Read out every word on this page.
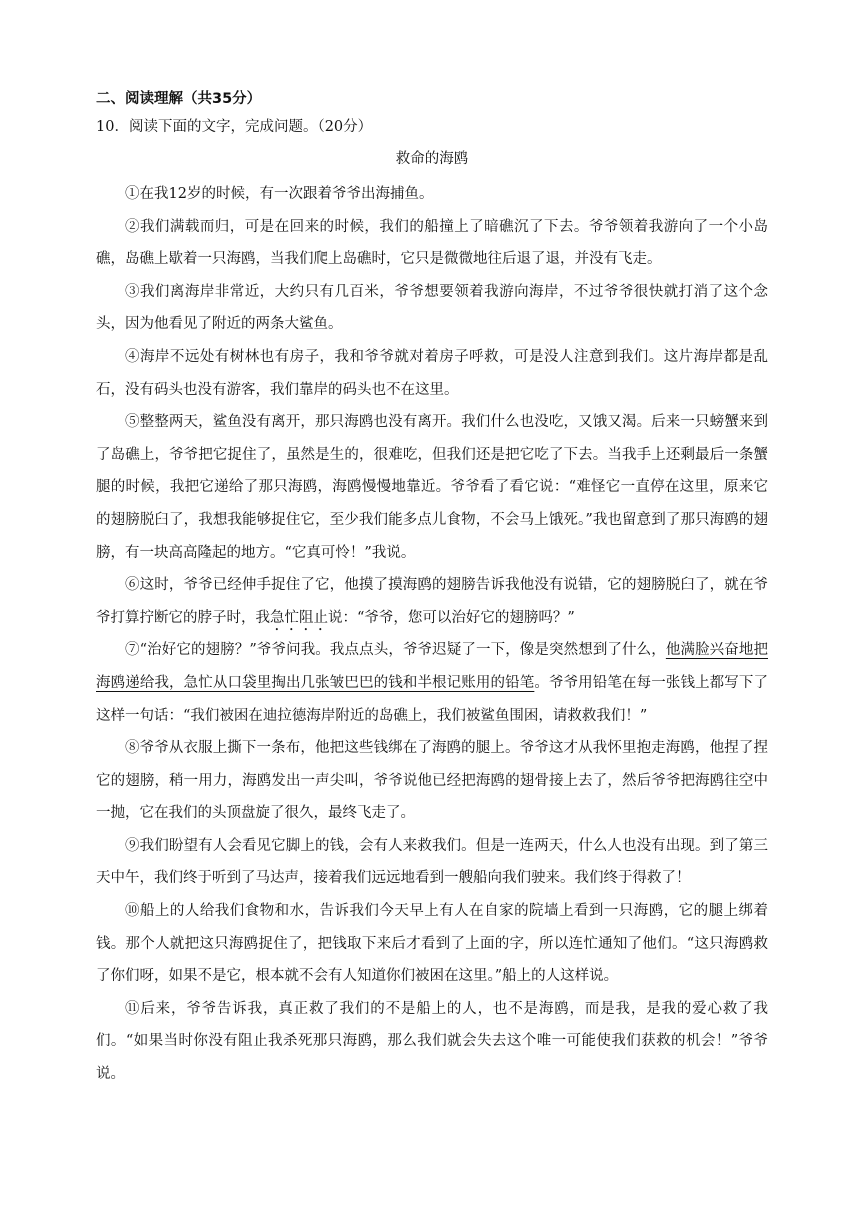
二、阅读理解（共35分）
10．阅读下面的文字，完成问题。（20分）
救命的海鸥

①在我12岁的时候，有一次跟着爷爷出海捕鱼。

②我们满载而归，可是在回来的时候，我们的船撞上了暗礁沉了下去。爷爷领着我游向了一个小岛礁，岛礁上歇着一只海鸥，当我们爬上岛礁时，它只是微微地往后退了退，并没有飞走。

③我们离海岸非常近，大约只有几百米，爷爷想要领着我游向海岸，不过爷爷很快就打消了这个念头，因为他看见了附近的两条大鲨鱼。

④海岸不远处有树林也有房子，我和爷爷就对着房子呼救，可是没人注意到我们。这片海岸都是乱石，没有码头也没有游客，我们靠岸的码头也不在这里。

⑤整整两天，鲨鱼没有离开，那只海鸥也没有离开。我们什么也没吃，又饿又渴。后来一只螃蟹来到了岛礁上，爷爷把它捉住了，虽然是生的，很难吃，但我们还是把它吃了下去。当我手上还剩最后一条蟹腿的时候，我把它递给了那只海鸥，海鸥慢慢地靠近。爷爷看了看它说：“难怪它一直停在这里，原来它的翅膀脱臼了，我想我能够捉住它，至少我们能多点儿食物，不会马上饿死。”我也留意到了那只海鸥的翅膀，有一块高高隆起的地方。“它真可怜！”我说。

⑥这时，爷爷已经伸手捉住了它，他摸了摸海鸥的翅膀告诉我他没有说错，它的翅膀脱臼了，就在爷爷打算拧断它的脖子时，我急忙阻止说：“爷爷，您可以治好它的翅膀吗？”

⑦“治好它的翅膀？”爷爷问我。我点点头，爷爷迟疑了一下，像是突然想到了什么，他满脸兴奋地把海鸥递给我，急忙从口袋里掏出几张皱巴巴的钱和半根记账用的铅笔。爷爷用铅笔在每一张钱上都写下了这样一句话：“我们被困在迪拉德海岸附近的岛礁上，我们被鲨鱼围困，请救救我们！”

⑧爷爷从衣服上撕下一条布，他把这些钱绑在了海鸥的腿上。爷爷这才从我怀里抱走海鸥，他捏了捏它的翅膀，稍一用力，海鸥发出一声尖叫，爷爷说他已经把海鸥的翅骨接上去了，然后爷爷把海鸥往空中一抛，它在我们的头顶盘旋了很久，最终飞走了。

⑨我们盼望有人会看见它脚上的钱，会有人来救我们。但是一连两天，什么人也没有出现。到了第三天中午，我们终于听到了马达声，接着我们远远地看到一艘船向我们驶来。我们终于得救了！

⑩船上的人给我们食物和水，告诉我们今天早上有人在自家的院墙上看到一只海鸥，它的腿上绑着钱。那个人就把这只海鸥捉住了，把钱取下来后才看到了上面的字，所以连忙通知了他们。“这只海鸥救了你们呀，如果不是它，根本就不会有人知道你们被困在这里。”船上的人这样说。

⑪后来，爷爷告诉我，真正救了我们的不是船上的人，也不是海鸥，而是我，是我的爱心救了我们。“如果当时你没有阻止我杀死那只海鸥，那么我们就会失去这个唯一可能使我们获救的机会！”爷爷说。
